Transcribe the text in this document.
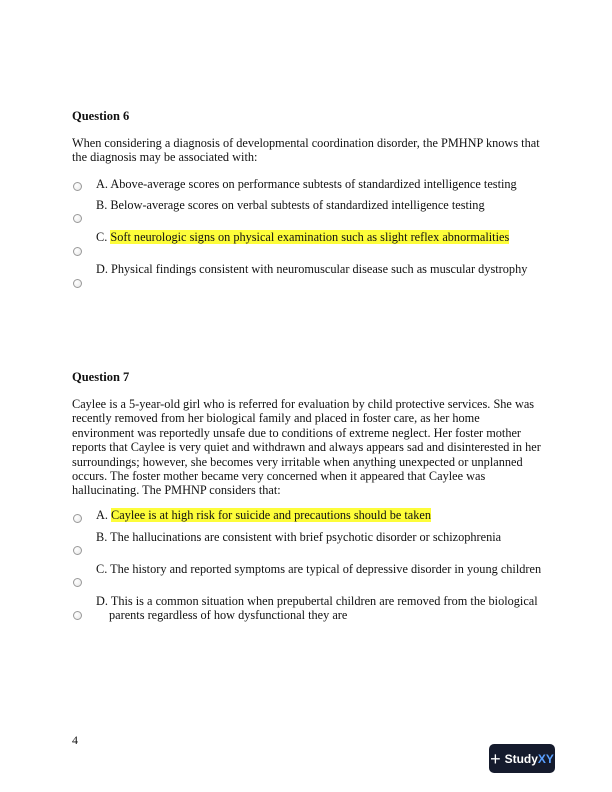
Question 6
When considering a diagnosis of developmental coordination disorder, the PMHNP knows that the diagnosis may be associated with:
A. Above-average scores on performance subtests of standardized intelligence testing
B. Below-average scores on verbal subtests of standardized intelligence testing
C. Soft neurologic signs on physical examination such as slight reflex abnormalities
D. Physical findings consistent with neuromuscular disease such as muscular dystrophy
Question 7
Caylee is a 5-year-old girl who is referred for evaluation by child protective services. She was recently removed from her biological family and placed in foster care, as her home environment was reportedly unsafe due to conditions of extreme neglect. Her foster mother reports that Caylee is very quiet and withdrawn and always appears sad and disinterested in her surroundings; however, she becomes very irritable when anything unexpected or unplanned occurs. The foster mother became very concerned when it appeared that Caylee was hallucinating. The PMHNP considers that:
A. Caylee is at high risk for suicide and precautions should be taken
B. The hallucinations are consistent with brief psychotic disorder or schizophrenia
C. The history and reported symptoms are typical of depressive disorder in young children
D. This is a common situation when prepubertal children are removed from the biological
parents regardless of how dysfunctional they are
4
+ Study XY
